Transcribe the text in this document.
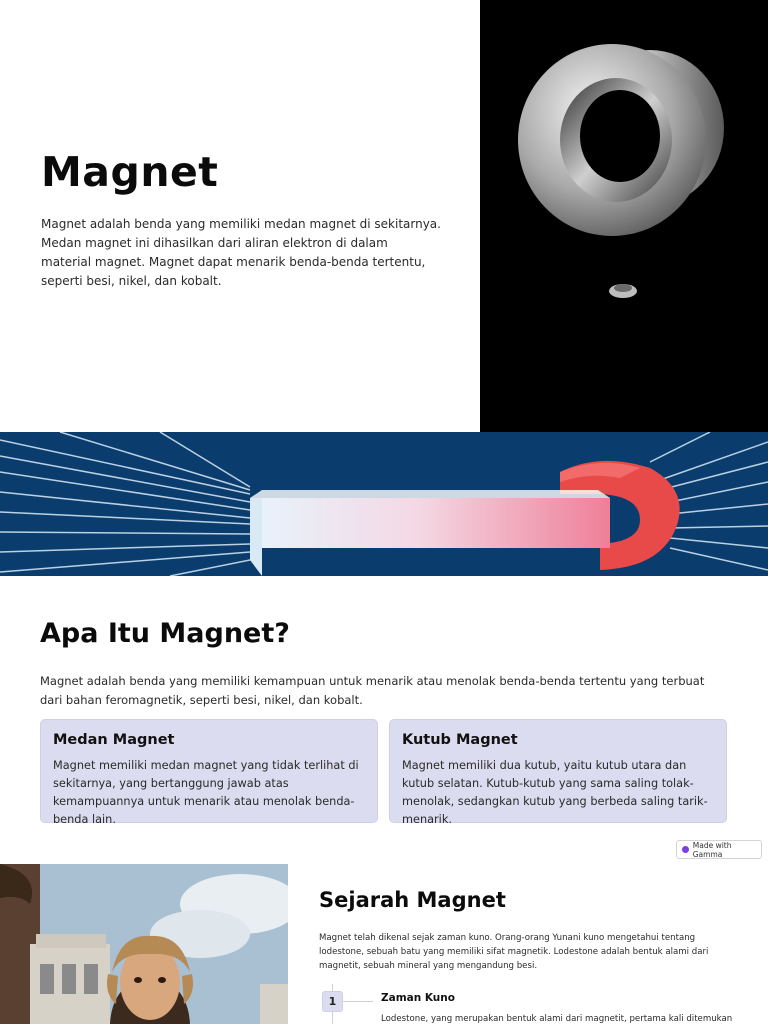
Magnet

Magnet adalah benda yang memiliki medan magnet di sekitarnya. Medan magnet ini dihasilkan dari aliran elektron di dalam material magnet. Magnet dapat menarik benda-benda tertentu, seperti besi, nikel, dan kobalt.

Apa Itu Magnet?

Magnet adalah benda yang memiliki kemampuan untuk menarik atau menolak benda-benda tertentu yang terbuat dari bahan feromagnetik, seperti besi, nikel, dan kobalt.

Medan Magnet

Magnet memiliki medan magnet yang tidak terlihat di sekitarnya, yang bertanggung jawab atas kemampuannya untuk menarik atau menolak benda-benda lain.

Kutub Magnet

Magnet memiliki dua kutub, yaitu kutub utara dan kutub selatan. Kutub-kutub yang sama saling tolak-menolak, sedangkan kutub yang berbeda saling tarik-menarik.

Made with Gamma
Sejarah Magnet

Magnet telah dikenal sejak zaman kuno. Orang-orang Yunani kuno mengetahui tentang lodestone, sebuah batu yang memiliki sifat magnetik. Lodestone adalah bentuk alami dari magnetit, sebuah mineral yang mengandung besi.

1	Zaman Kuno

Lodestone, yang merupakan bentuk alami dari magnetit, pertama kali ditemukan
